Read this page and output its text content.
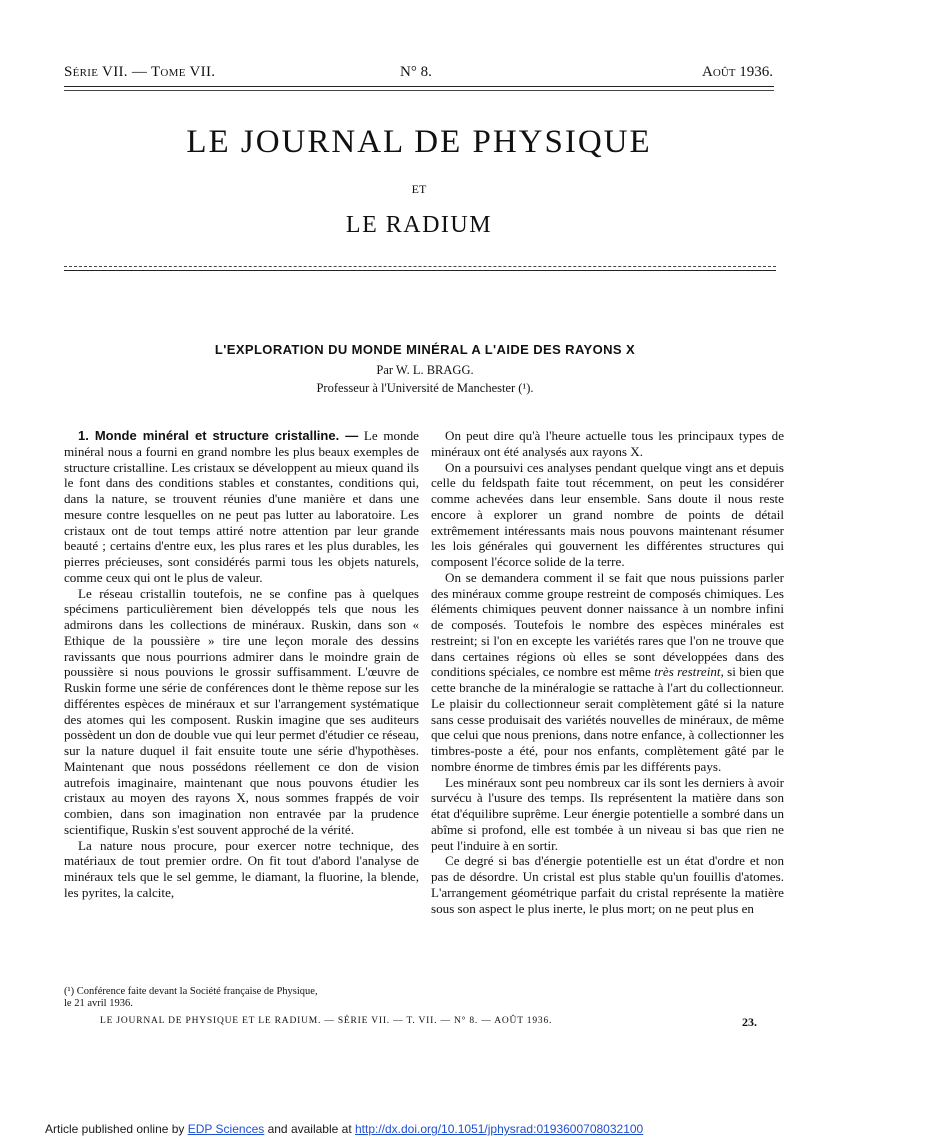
Série VII. — Tome VII.	N° 8.	Août 1936.
LE JOURNAL DE PHYSIQUE
ET
LE RADIUM
L'EXPLORATION DU MONDE MINÉRAL A L'AIDE DES RAYONS X
Par W. L. BRAGG.
Professeur à l'Université de Manchester (¹).

1. Monde minéral et structure cristalline. — Le monde minéral nous a fourni en grand nombre les plus beaux exemples de structure cristalline. Les cristaux se développent au mieux quand ils le font dans des conditions stables et constantes, conditions qui, dans la nature, se trouvent réunies d'une manière et dans une mesure contre lesquelles on ne peut pas lutter au laboratoire. Les cristaux ont de tout temps attiré notre attention par leur grande beauté ; certains d'entre eux, les plus rares et les plus durables, les pierres précieuses, sont considérés parmi tous les objets naturels, comme ceux qui ont le plus de valeur.

Le réseau cristallin toutefois, ne se confine pas à quelques spécimens particulièrement bien développés tels que nous les admirons dans les collections de minéraux. Ruskin, dans son « Ethique de la poussière » tire une leçon morale des dessins ravissants que nous pourrions admirer dans le moindre grain de poussière si nous pouvions le grossir suffisamment. L'œuvre de Ruskin forme une série de conférences dont le thème repose sur les différentes espèces de minéraux et sur l'arrangement systématique des atomes qui les composent. Ruskin imagine que ses auditeurs possèdent un don de double vue qui leur permet d'étudier ce réseau, sur la nature duquel il fait ensuite toute une série d'hypothèses. Maintenant que nous possédons réellement ce don de vision autrefois imaginaire, maintenant que nous pouvons étudier les cristaux au moyen des rayons X, nous sommes frappés de voir combien, dans son imagination non entravée par la prudence scientifique, Ruskin s'est souvent approché de la vérité.

La nature nous procure, pour exercer notre technique, des matériaux de tout premier ordre. On fit tout d'abord l'analyse de minéraux tels que le sel gemme, le diamant, la fluorine, la blende, les pyrites, la calcite,

(¹) Conférence faite devant la Société française de Physique,
le 21 avril 1936.

On peut dire qu'à l'heure actuelle tous les principaux types de minéraux ont été analysés aux rayons X.

On a poursuivi ces analyses pendant quelque vingt ans et depuis celle du feldspath faite tout récemment, on peut les considérer comme achevées dans leur ensemble. Sans doute il nous reste encore à explorer un grand nombre de points de détail extrêmement intéressants mais nous pouvons maintenant résumer les lois générales qui gouvernent les différentes structures qui composent l'écorce solide de la terre.

On se demandera comment il se fait que nous puissions parler des minéraux comme groupe restreint de composés chimiques. Les éléments chimiques peuvent donner naissance à un nombre infini de composés. Toutefois le nombre des espèces minérales est restreint; si l'on en excepte les variétés rares que l'on ne trouve que dans certaines régions où elles se sont développées dans des conditions spéciales, ce nombre est même très restreint, si bien que cette branche de la minéralogie se rattache à l'art du collectionneur. Le plaisir du collectionneur serait complètement gâté si la nature sans cesse produisait des variétés nouvelles de minéraux, de même que celui que nous prenions, dans notre enfance, à collectionner les timbres-poste a été, pour nos enfants, complètement gâté par le nombre énorme de timbres émis par les différents pays.

Les minéraux sont peu nombreux car ils sont les derniers à avoir survécu à l'usure des temps. Ils représentent la matière dans son état d'équilibre suprême. Leur énergie potentielle a sombré dans un abîme si profond, elle est tombée à un niveau si bas que rien ne peut l'induire à en sortir.

Ce degré si bas d'énergie potentielle est un état d'ordre et non pas de désordre. Un cristal est plus stable qu'un fouillis d'atomes. L'arrangement géométrique parfait du cristal représente la matière sous son aspect le plus inerte, le plus mort; on ne peut plus en

LE JOURNAL DE PHYSIQUE ET LE RADIUM. — SÉRIE VII. — T. VII. — N° 8. — AOÛT 1936.	23.
Article published online by EDP Sciences and available at http://dx.doi.org/10.1051/jphysrad:0193600708032100
